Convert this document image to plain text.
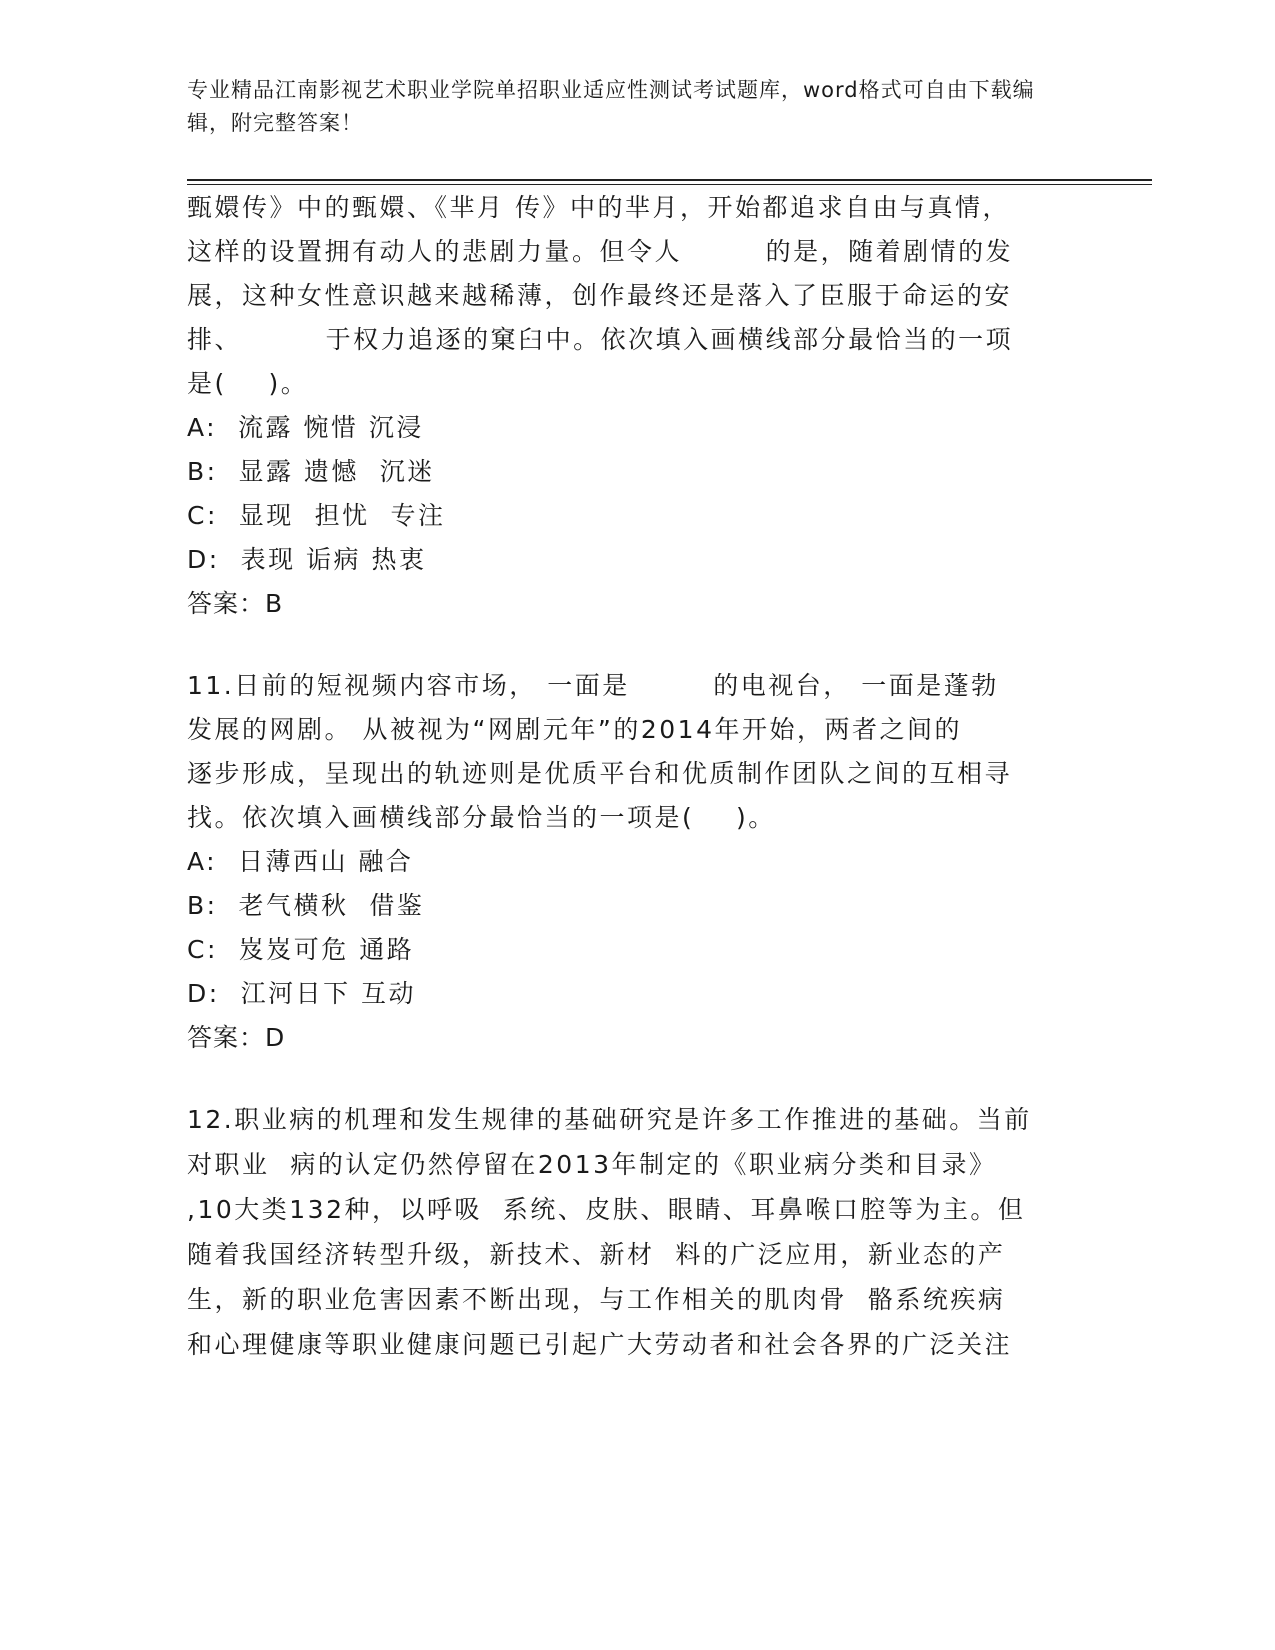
专业精品江南影视艺术职业学院单招职业适应性测试考试题库，word格式可自由下载编辑，附完整答案！
甄嬛传》中的甄嬛、《芈月 传》中的芈月，开始都追求自由与真情，
这样的设置拥有动人的悲剧力量。但令人        的是，随着剧情的发
展，这种女性意识越来越稀薄，创作最终还是落入了臣服于命运的安
排、        于权力追逐的窠臼中。依次填入画横线部分最恰当的一项
是(    )。
A:  流露 惋惜 沉浸
B:  显露 遗憾  沉迷
C:  显现  担忧  专注
D:  表现 诟病 热衷
答案：B
11.日前的短视频内容市场， 一面是        的电视台， 一面是蓬勃
发展的网剧。 从被视为“网剧元年”的2014年开始，两者之间的
逐步形成，呈现出的轨迹则是优质平台和优质制作团队之间的互相寻
找。依次填入画横线部分最恰当的一项是(    )。
A:  日薄西山 融合
B:  老气横秋  借鉴
C:  岌岌可危 通路
D:  江河日下 互动
答案：D
12.职业病的机理和发生规律的基础研究是许多工作推进的基础。当前
对职业  病的认定仍然停留在2013年制定的《职业病分类和目录》
,10大类132种，以呼吸  系统、皮肤、眼睛、耳鼻喉口腔等为主。但
随着我国经济转型升级，新技术、新材  料的广泛应用，新业态的产
生，新的职业危害因素不断出现，与工作相关的肌肉骨  骼系统疾病
和心理健康等职业健康问题已引起广大劳动者和社会各界的广泛关注
